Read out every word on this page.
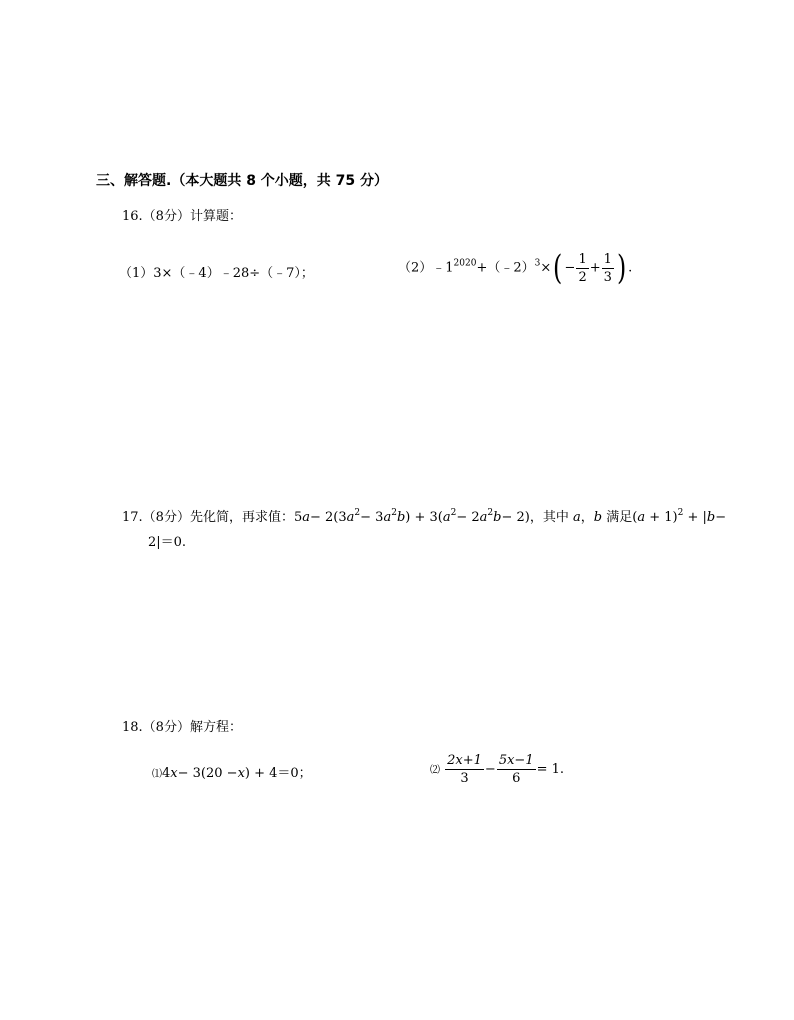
三、解答题.（本大题共 8 个小题，共 75 分）
16.（8分）计算题：
（1）3×（﹣4）﹣28÷（﹣7）；	$(2)﹣1^{2020}+(﹣2)^3\times( - \frac{1}{2} + \frac{1}{3}$ ) .
17.（8分）先化简，再求值：$5a- 2(3a^2- 3a^2b) + 3(a^2- 2a^2b- 2)$，其中 a，b 满足$(a + 1)^2 + |b-$
2|＝0.
18.（8分）解方程：
⑴4x− 3(20 −x) + 4＝0；	⑵ $\frac{2x+1}{3} - \frac{5x-1}{6} = 1$.
